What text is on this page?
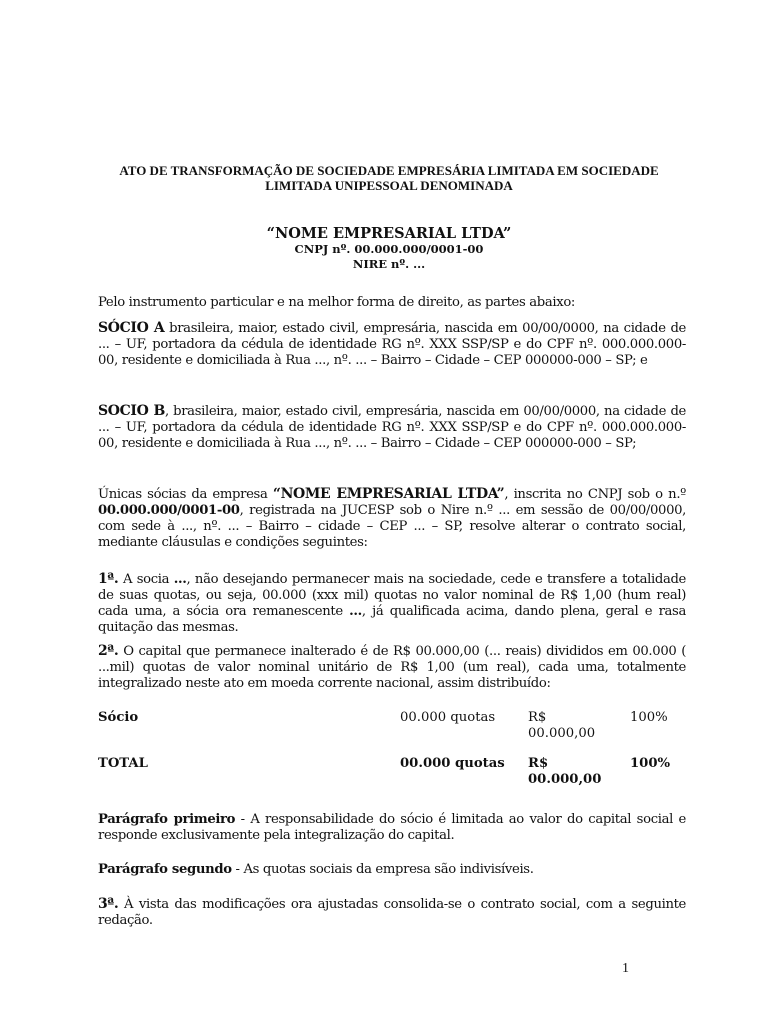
ATO DE TRANSFORMAÇÃO DE SOCIEDADE EMPRESÁRIA LIMITADA EM SOCIEDADE LIMITADA UNIPESSOAL DENOMINADA
“NOME EMPRESARIAL LTDA”
CNPJ nº. 00.000.000/0001-00
NIRE nº. ...
Pelo instrumento particular e na melhor forma de direito, as partes abaixo:
SÓCIO A brasileira, maior, estado civil, empresária, nascida em 00/00/0000, na cidade de ... – UF, portadora da cédula de identidade RG nº. XXX SSP/SP e do CPF nº. 000.000.000-00, residente e domiciliada à Rua ..., nº. ... – Bairro – Cidade – CEP 000000-000 – SP; e
SOCIO B, brasileira, maior, estado civil, empresária, nascida em 00/00/0000, na cidade de ... – UF, portadora da cédula de identidade RG nº. XXX SSP/SP e do CPF nº. 000.000.000-00, residente e domiciliada à Rua ..., nº. ... – Bairro – Cidade – CEP 000000-000 – SP;
Únicas sócias da empresa “NOME EMPRESARIAL LTDA”, inscrita no CNPJ sob o n.º 00.000.000/0001-00, registrada na JUCESP sob o Nire n.º ... em sessão de 00/00/0000, com sede à ..., nº. ... – Bairro – cidade – CEP ... – SP, resolve alterar o contrato social, mediante cláusulas e condições seguintes:
1ª. A socia ..., não desejando permanecer mais na sociedade, cede e transfere a totalidade de suas quotas, ou seja, 00.000 (xxx mil) quotas no valor nominal de R$ 1,00 (hum real) cada uma, a sócia ora remanescente ..., já qualificada acima, dando plena, geral e rasa quitação das mesmas.
2ª. O capital que permanece inalterado é de R$ 00.000,00 (... reais) divididos em 00.000 ( ...mil) quotas de valor nominal unitário de R$ 1,00 (um real), cada uma, totalmente integralizado neste ato em moeda corrente nacional, assim distribuído:
Sócio	00.000 quotas R$
00.000,00
100%
TOTAL	00.000 quotas R$
00.000,00
100%
Parágrafo primeiro - A responsabilidade do sócio é limitada ao valor do capital social e responde exclusivamente pela integralização do capital.
Parágrafo segundo - As quotas sociais da empresa são indivisíveis.
3ª. À vista das modificações ora ajustadas consolida-se o contrato social, com a seguinte redação.
1
